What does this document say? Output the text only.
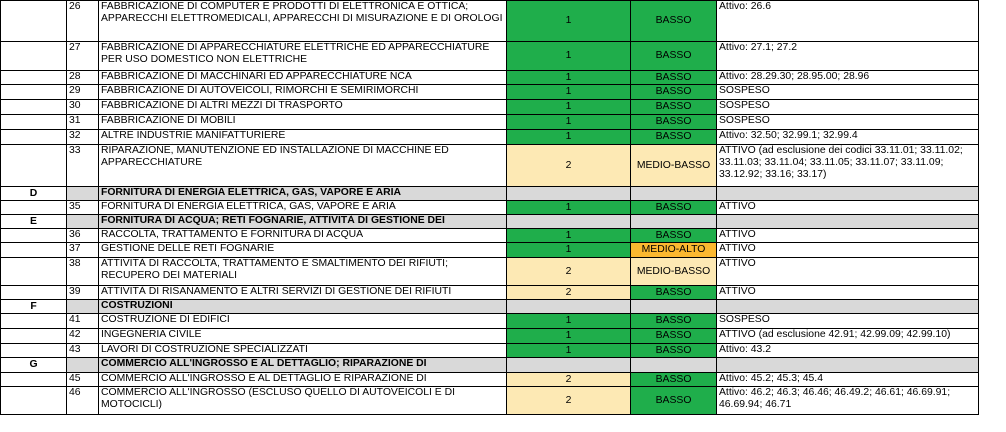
	26	FABBRICAZIONE DI COMPUTER E PRODOTTI DI ELETTRONICA E OTTICA; APPARECCHI ELETTROMEDICALI, APPARECCHI DI MISURAZIONE E DI OROLOGI	1	BASSO	Attivo: 26.6
	27	FABBRICAZIONE DI APPARECCHIATURE ELETTRICHE ED APPARECCHIATURE PER USO DOMESTICO NON ELETTRICHE	1	BASSO	Attivo: 27.1; 27.2
	28	FABBRICAZIONE DI MACCHINARI ED APPARECCHIATURE NCA	1	BASSO	Attivo: 28.29.30; 28.95.00; 28.96
	29	FABBRICAZIONE DI AUTOVEICOLI, RIMORCHI E SEMIRIMORCHI	1	BASSO	SOSPESO
	30	FABBRICAZIONE DI ALTRI MEZZI DI TRASPORTO	1	BASSO	SOSPESO
	31	FABBRICAZIONE DI MOBILI	1	BASSO	SOSPESO
	32	ALTRE INDUSTRIE MANIFATTURIERE	1	BASSO	Attivo: 32.50; 32.99.1; 32.99.4
	33	RIPARAZIONE, MANUTENZIONE ED INSTALLAZIONE DI MACCHINE ED APPARECCHIATURE	2	MEDIO-BASSO	ATTIVO (ad esclusione dei codici 33.11.01; 33.11.02; 33.11.03; 33.11.04; 33.11.05; 33.11.07; 33.11.09; 33.12.92; 33.16; 33.17)
D		FORNITURA DI ENERGIA ELETTRICA, GAS, VAPORE E ARIA			
	35	FORNITURA DI ENERGIA ELETTRICA, GAS, VAPORE E ARIA	1	BASSO	ATTIVO
E		FORNITURA DI ACQUA; RETI FOGNARIE, ATTIVITÀ DI GESTIONE DEI			
	36	RACCOLTA, TRATTAMENTO E FORNITURA DI ACQUA	1	BASSO	ATTIVO
	37	GESTIONE DELLE RETI FOGNARIE	1	MEDIO-ALTO	ATTIVO
	38	ATTIVITÀ DI RACCOLTA, TRATTAMENTO E SMALTIMENTO DEI RIFIUTI; RECUPERO DEI MATERIALI	2	MEDIO-BASSO	ATTIVO
	39	ATTIVITÀ DI RISANAMENTO E ALTRI SERVIZI DI GESTIONE DEI RIFIUTI	2	BASSO	ATTIVO
F		COSTRUZIONI			
	41	COSTRUZIONE DI EDIFICI	1	BASSO	SOSPESO
	42	INGEGNERIA CIVILE	1	BASSO	ATTIVO (ad esclusione 42.91; 42.99.09; 42.99.10)
	43	LAVORI DI COSTRUZIONE SPECIALIZZATI	1	BASSO	Attivo: 43.2
G		COMMERCIO ALL'INGROSSO E AL DETTAGLIO; RIPARAZIONE DI			
	45	COMMERCIO ALL'INGROSSO E AL DETTAGLIO E RIPARAZIONE DI	2	BASSO	Attivo: 45.2; 45.3; 45.4
	46	COMMERCIO ALL'INGROSSO (ESCLUSO QUELLO DI AUTOVEICOLI E DI MOTOCICLI)	2	BASSO	Attivo: 46.2; 46.3; 46.46; 46.49.2; 46.61; 46.69.91; 46.69.94; 46.71
